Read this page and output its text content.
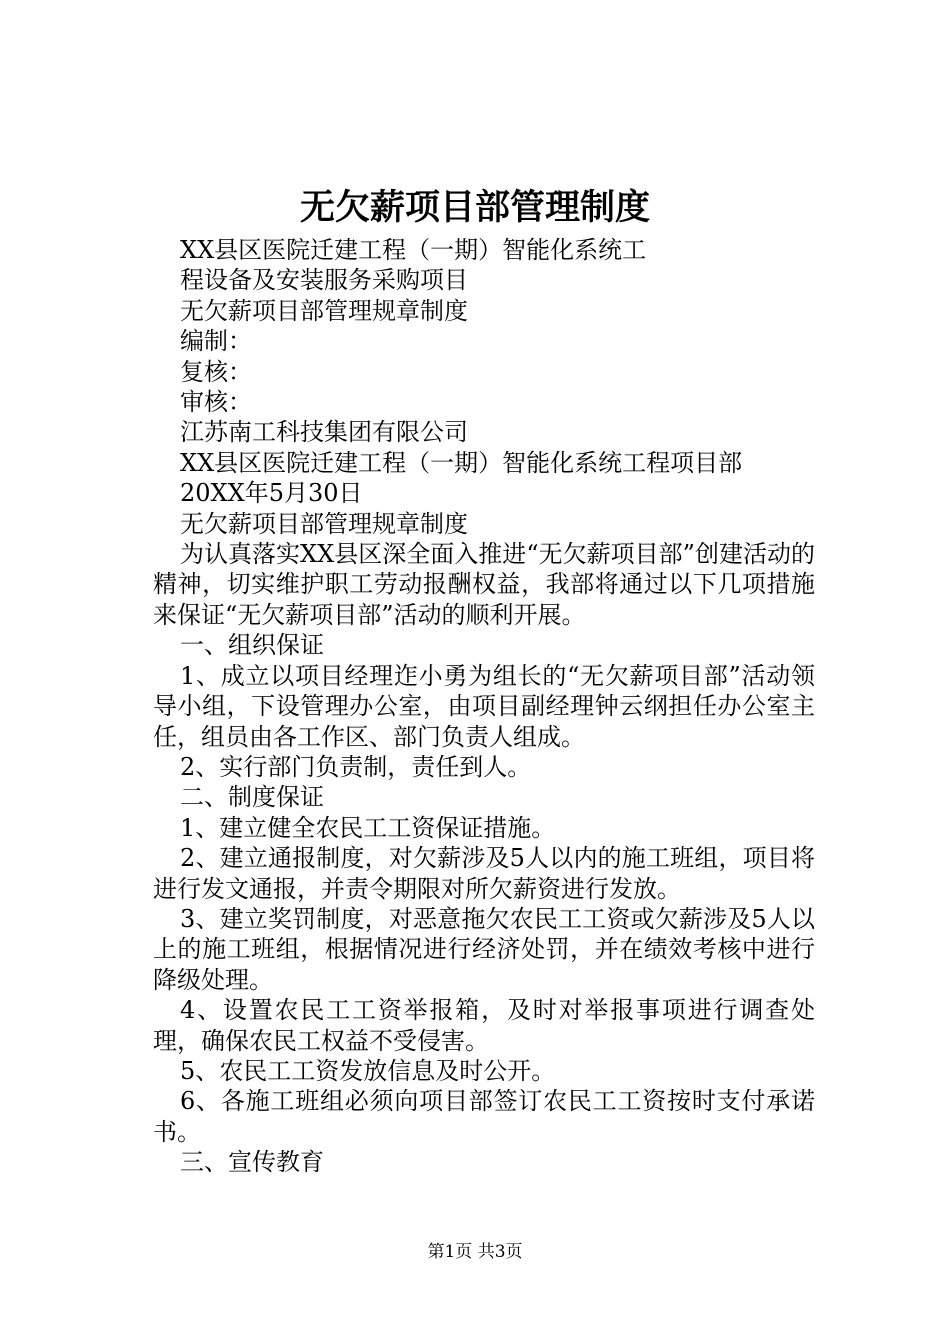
无欠薪项目部管理制度

XX县区医院迁建工程（一期）智能化系统工

程设备及安装服务采购项目

无欠薪项目部管理规章制度

编制：

复核：

审核：

江苏南工科技集团有限公司

XX县区医院迁建工程（一期）智能化系统工程项目部

20XX年5月30日

无欠薪项目部管理规章制度

为认真落实XX县区深全面入推进“无欠薪项目部”创建活动的精神，切实维护职工劳动报酬权益，我部将通过以下几项措施来保证“无欠薪项目部”活动的顺利开展。

一、组织保证

1、成立以项目经理迮小勇为组长的“无欠薪项目部”活动领导小组，下设管理办公室，由项目副经理钟云纲担任办公室主任，组员由各工作区、部门负责人组成。

2、实行部门负责制，责任到人。

二、制度保证

1、建立健全农民工工资保证措施。

2、建立通报制度，对欠薪涉及5人以内的施工班组，项目将进行发文通报，并责令期限对所欠薪资进行发放。

3、建立奖罚制度，对恶意拖欠农民工工资或欠薪涉及5人以上的施工班组，根据情况进行经济处罚，并在绩效考核中进行降级处理。

4、设置农民工工资举报箱，及时对举报事项进行调查处理，确保农民工权益不受侵害。

5、农民工工资发放信息及时公开。

6、各施工班组必须向项目部签订农民工工资按时支付承诺书。

三、宣传教育

第1页 共3页
